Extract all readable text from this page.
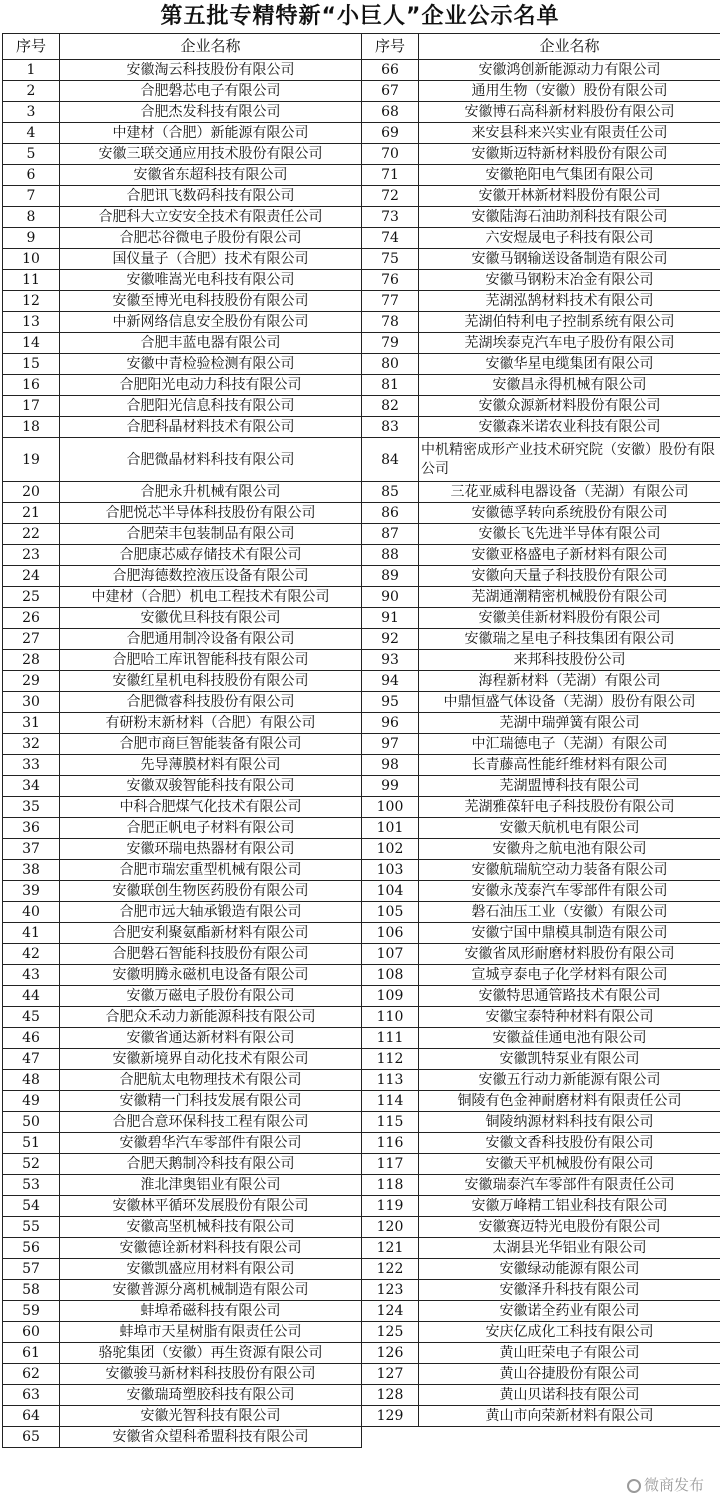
第五批专精特新“小巨人”企业公示名单
序号	企业名称	序号	企业名称
1	安徽淘云科技股份有限公司	66	安徽鸿创新能源动力有限公司
2	合肥磐芯电子有限公司	67	通用生物（安徽）股份有限公司
3	合肥杰发科技有限公司	68	安徽博石高科新材料股份有限公司
4	中建材（合肥）新能源有限公司	69	来安县科来兴实业有限责任公司
5	安徽三联交通应用技术股份有限公司	70	安徽斯迈特新材料股份有限公司
6	安徽省东超科技有限公司	71	安徽艳阳电气集团有限公司
7	合肥讯飞数码科技有限公司	72	安徽开林新材料股份有限公司
8	合肥科大立安安全技术有限责任公司	73	安徽陆海石油助剂科技有限公司
9	合肥芯谷微电子股份有限公司	74	六安煜晟电子科技有限公司
10	国仪量子（合肥）技术有限公司	75	安徽马钢输送设备制造有限公司
11	安徽唯嵩光电科技有限公司	76	安徽马钢粉末冶金有限公司
12	安徽至博光电科技股份有限公司	77	芜湖泓鹄材料技术有限公司
13	中新网络信息安全股份有限公司	78	芜湖伯特利电子控制系统有限公司
14	合肥丰蓝电器有限公司	79	芜湖埃泰克汽车电子股份有限公司
15	安徽中青检验检测有限公司	80	安徽华星电缆集团有限公司
16	合肥阳光电动力科技有限公司	81	安徽昌永得机械有限公司
17	合肥阳光信息科技有限公司	82	安徽众源新材料股份有限公司
18	合肥科晶材料技术有限公司	83	安徽森米诺农业科技有限公司
19	合肥微晶材料科技有限公司	84	中机精密成形产业技术研究院（安徽）股份有限公司
20	合肥永升机械有限公司	85	三花亚威科电器设备（芜湖）有限公司
21	合肥悦芯半导体科技股份有限公司	86	安徽德孚转向系统股份有限公司
22	合肥荣丰包装制品有限公司	87	安徽长飞先进半导体有限公司
23	合肥康芯威存储技术有限公司	88	安徽亚格盛电子新材料有限公司
24	合肥海德数控液压设备有限公司	89	安徽向天量子科技股份有限公司
25	中建材（合肥）机电工程技术有限公司	90	芜湖通潮精密机械股份有限公司
26	安徽优旦科技有限公司	91	安徽美佳新材料股份有限公司
27	合肥通用制冷设备有限公司	92	安徽瑞之星电子科技集团有限公司
28	合肥哈工库讯智能科技有限公司	93	来邦科技股份公司
29	安徽红星机电科技股份有限公司	94	海程新材料（芜湖）有限公司
30	合肥微睿科技股份有限公司	95	中鼎恒盛气体设备（芜湖）股份有限公司
31	有研粉末新材料（合肥）有限公司	96	芜湖中瑞弹簧有限公司
32	合肥市商巨智能装备有限公司	97	中汇瑞德电子（芜湖）有限公司
33	先导薄膜材料有限公司	98	长青藤高性能纤维材料有限公司
34	安徽双骏智能科技有限公司	99	芜湖盟博科技有限公司
35	中科合肥煤气化技术有限公司	100	芜湖雅葆轩电子科技股份有限公司
36	合肥正帆电子材料有限公司	101	安徽天航机电有限公司
37	安徽环瑞电热器材有限公司	102	安徽舟之航电池有限公司
38	合肥市瑞宏重型机械有限公司	103	安徽航瑞航空动力装备有限公司
39	安徽联创生物医药股份有限公司	104	安徽永茂泰汽车零部件有限公司
40	合肥市远大轴承锻造有限公司	105	磐石油压工业（安徽）有限公司
41	合肥安利聚氨酯新材料有限公司	106	安徽宁国中鼎模具制造有限公司
42	合肥磐石智能科技股份有限公司	107	安徽省凤形耐磨材料股份有限公司
43	安徽明腾永磁机电设备有限公司	108	宣城亨泰电子化学材料有限公司
44	安徽万磁电子股份有限公司	109	安徽特思通管路技术有限公司
45	合肥众禾动力新能源科技有限公司	110	安徽宝泰特种材料有限公司
46	安徽省通达新材料有限公司	111	安徽益佳通电池有限公司
47	安徽新境界自动化技术有限公司	112	安徽凯特泵业有限公司
48	合肥航太电物理技术有限公司	113	安徽五行动力新能源有限公司
49	安徽精一门科技发展有限公司	114	铜陵有色金神耐磨材料有限责任公司
50	合肥合意环保科技工程有限公司	115	铜陵纳源材料科技有限公司
51	安徽碧华汽车零部件有限公司	116	安徽文香科技股份有限公司
52	合肥天鹅制冷科技有限公司	117	安徽天平机械股份有限公司
53	淮北津奥铝业有限公司	118	安徽瑞泰汽车零部件有限责任公司
54	安徽林平循环发展股份有限公司	119	安徽万峰精工铝业科技有限公司
55	安徽高坚机械科技有限公司	120	安徽赛迈特光电股份有限公司
56	安徽德诠新材料科技有限公司	121	太湖县光华铝业有限公司
57	安徽凯盛应用材料有限公司	122	安徽绿动能源有限公司
58	安徽普源分离机械制造有限公司	123	安徽泽升科技有限公司
59	蚌埠希磁科技有限公司	124	安徽诺全药业有限公司
60	蚌埠市天星树脂有限责任公司	125	安庆亿成化工科技有限公司
61	骆驼集团（安徽）再生资源有限公司	126	黄山旺荣电子有限公司
62	安徽骏马新材料科技股份有限公司	127	黄山谷捷股份有限公司
63	安徽瑞琦塑胶科技有限公司	128	黄山贝诺科技有限公司
64	安徽光智科技有限公司	129	黄山市向荣新材料有限公司
65	安徽省众望科希盟科技有限公司		
微商发布
